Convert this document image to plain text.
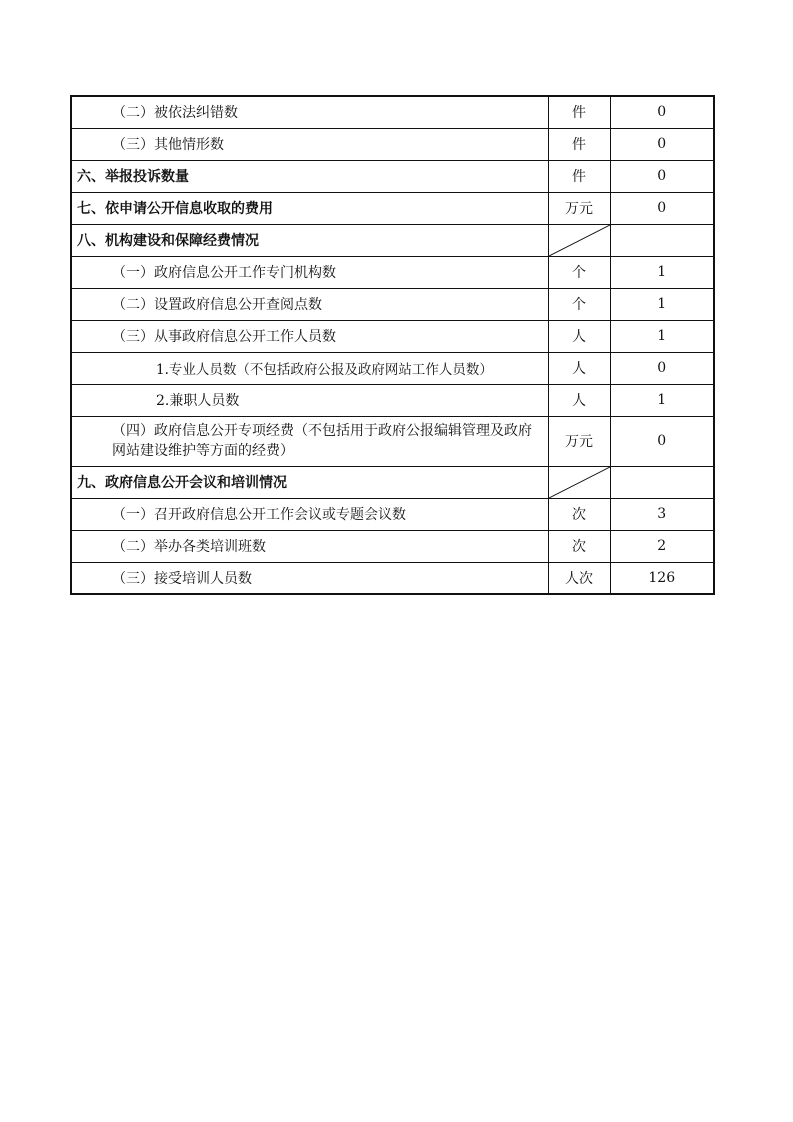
（二）被依法纠错数	件	0
（三）其他情形数	件	0
六、举报投诉数量	件	0
七、依申请公开信息收取的费用	万元	0
八、机构建设和保障经费情况	

（一）政府信息公开工作专门机构数	个	1
（二）设置政府信息公开查阅点数	个	1
（三）从事政府信息公开工作人员数	人	1
1.专业人员数（不包括政府公报及政府网站工作人员数）	人	0
2.兼职人员数	人	1
（四）政府信息公开专项经费（不包括用于政府公报编辑管理及政府网站建设维护等方面的经费）	万元	0
九、政府信息公开会议和培训情况	

（一）召开政府信息公开工作会议或专题会议数	次	3
（二）举办各类培训班数	次	2
（三）接受培训人员数	人次	126
